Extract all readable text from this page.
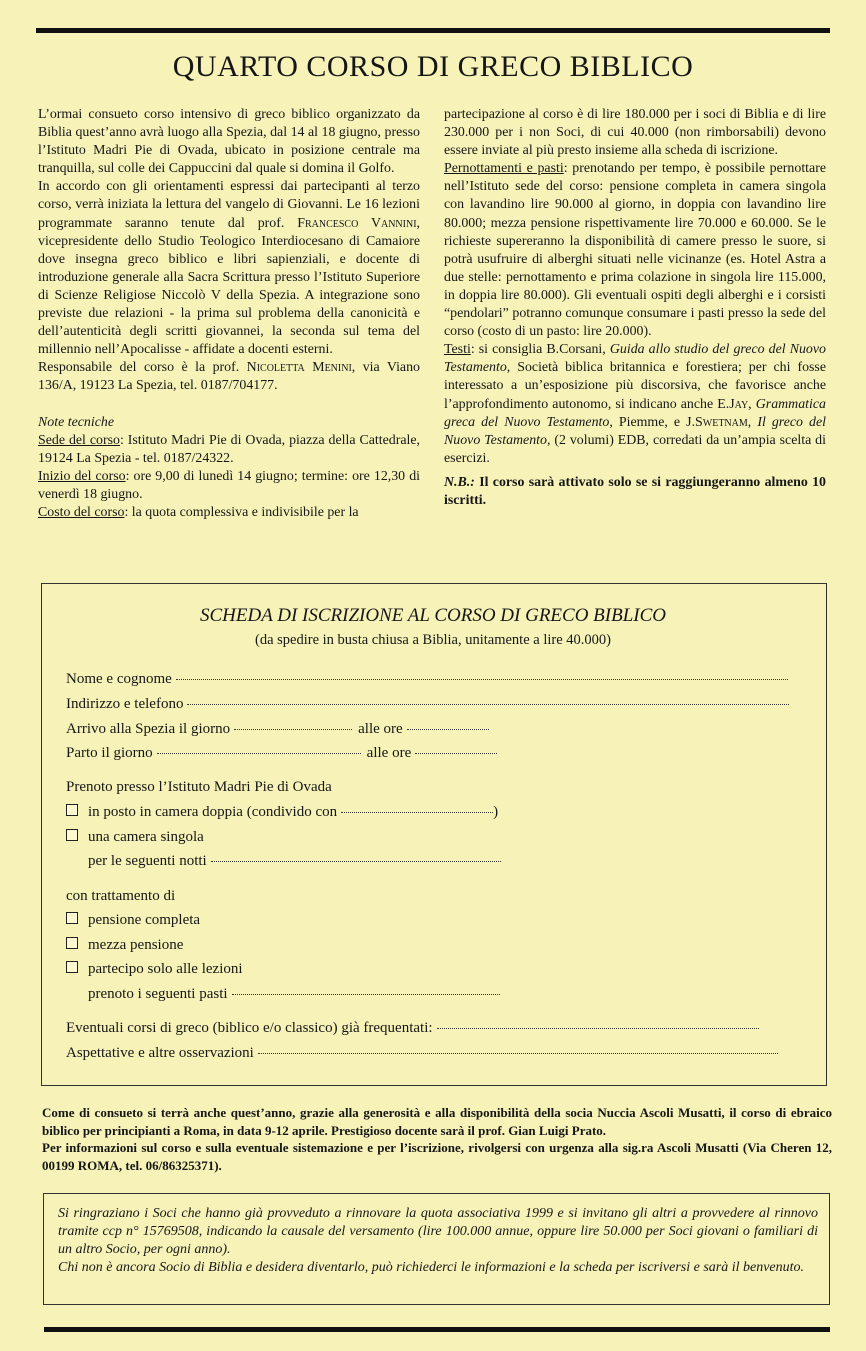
QUARTO CORSO DI GRECO BIBLICO

L’ormai consueto corso intensivo di greco biblico organizzato da Biblia quest’anno avrà luogo alla Spezia, dal 14 al 18 giugno, presso l’Istituto Madri Pie di Ovada, ubicato in posizione centrale ma tranquilla, sul colle dei Cappuccini dal quale si domina il Golfo.

In accordo con gli orientamenti espressi dai partecipanti al terzo corso, verrà iniziata la lettura del vangelo di Giovanni. Le 16 lezioni programmate saranno tenute dal prof. Francesco Vannini, vicepresidente dello Studio Teologico Interdiocesano di Camaiore dove insegna greco biblico e libri sapienziali, e docente di introduzione generale alla Sacra Scrittura presso l’Istituto Superiore di Scienze Religiose Niccolò V della Spezia. A integrazione sono previste due relazioni - la prima sul problema della canonicità e dell’autenticità degli scritti giovannei, la seconda sul tema del millennio nell’Apocalisse - affidate a docenti esterni.

Responsabile del corso è la prof. Nicoletta Menini, via Viano 136/A, 19123 La Spezia, tel. 0187/704177.

Note tecniche

Sede del corso: Istituto Madri Pie di Ovada, piazza della Cattedrale, 19124 La Spezia - tel. 0187/24322.

Inizio del corso: ore 9,00 di lunedì 14 giugno; termine: ore 12,30 di venerdì 18 giugno.

Costo del corso: la quota complessiva e indivisibile per la

partecipazione al corso è di lire 180.000 per i soci di Biblia e di lire 230.000 per i non Soci, di cui 40.000 (non rimborsabili) devono essere inviate al più presto insieme alla scheda di iscrizione.

Pernottamenti e pasti: prenotando per tempo, è possibile pernottare nell’Istituto sede del corso: pensione completa in camera singola con lavandino lire 90.000 al giorno, in doppia con lavandino lire 80.000; mezza pensione rispettivamente lire 70.000 e 60.000. Se le richieste supereranno la disponibilità di camere presso le suore, si potrà usufruire di alberghi situati nelle vicinanze (es. Hotel Astra a due stelle: pernottamento e prima colazione in singola lire 115.000, in doppia lire 80.000). Gli eventuali ospiti degli alberghi e i corsisti “pendolari” potranno comunque consumare i pasti presso la sede del corso (costo di un pasto: lire 20.000).

Testi: si consiglia B.Corsani, Guida allo studio del greco del Nuovo Testamento, Società biblica britannica e forestiera; per chi fosse interessato a un’esposizione più discorsiva, che favorisce anche l’approfondimento autonomo, si indicano anche E.Jay, Grammatica greca del Nuovo Testamento, Piemme, e J.Swetnam, Il greco del Nuovo Testamento, (2 volumi) EDB, corredati da un’ampia scelta di esercizi.

N.B.: Il corso sarà attivato solo se si raggiungeranno almeno 10 iscritti.

SCHEDA DI ISCRIZIONE AL CORSO DI GRECO BIBLICO
(da spedire in busta chiusa a Biblia, unitamente a lire 40.000)
Nome e cognome
Indirizzo e telefono
Arrivo alla Spezia il giorno	alle ore
Parto il giorno	alle ore
Prenoto presso l’Istituto Madri Pie di Ovada
in posto in camera doppia (condivido con	)
una camera singola
per le seguenti notti
con trattamento di
pensione completa
mezza pensione
partecipo solo alle lezioni
prenoto i seguenti pasti
Eventuali corsi di greco (biblico e/o classico) già frequentati:
Aspettative e altre osservazioni

Come di consueto si terrà anche quest’anno, grazie alla generosità e alla disponibilità della socia Nuccia Ascoli Musatti, il corso di ebraico biblico per principianti a Roma, in data 9-12 aprile. Prestigioso docente sarà il prof. Gian Luigi Prato.

Per informazioni sul corso e sulla eventuale sistemazione e per l’iscrizione, rivolgersi con urgenza alla sig.ra Ascoli Musatti (Via Cheren 12, 00199 ROMA, tel. 06/86325371).

Si ringraziano i Soci che hanno già provveduto a rinnovare la quota associativa 1999 e si invitano gli altri a provvedere al rinnovo tramite ccp n° 15769508, indicando la causale del versamento (lire 100.000 annue, oppure lire 50.000 per Soci giovani o familiari di un altro Socio, per ogni anno).

Chi non è ancora Socio di Biblia e desidera diventarlo, può richiederci le informazioni e la scheda per iscriversi e sarà il benvenuto.
